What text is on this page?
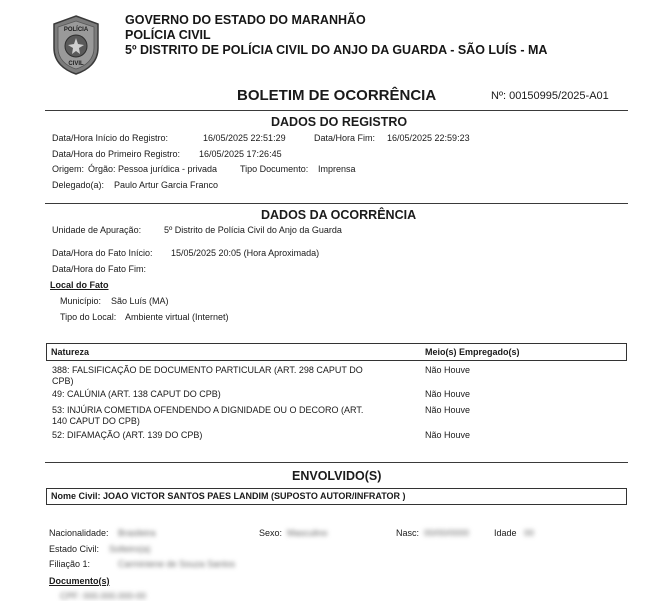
POLÍCIA
CIVIL
GOVERNO DO ESTADO DO MARANHÃO
POLÍCIA CIVIL
5º DISTRITO DE POLÍCIA CIVIL DO ANJO DA GUARDA - SÃO LUÍS - MA
BOLETIM DE OCORRÊNCIA	Nº: 00150995/2025-A01
DADOS DO REGISTRO
Data/Hora Início do Registro:	16/05/2025 22:51:29	Data/Hora Fim: 16/05/2025 22:59:23
Data/Hora do Primeiro Registro: 16/05/2025 17:26:45
Origem: Órgão: Pessoa jurídica - privada	Tipo Documento: Imprensa
Delegado(a): Paulo Artur Garcia Franco
DADOS DA OCORRÊNCIA
Unidade de Apuração:	5º Distrito de Polícia Civil do Anjo da Guarda
Data/Hora do Fato Início: 15/05/2025 20:05 (Hora Aproximada)
Data/Hora do Fato Fim:
Local do Fato
Município: São Luís (MA)
Tipo do Local: Ambiente virtual (Internet)
Natureza	Meio(s) Empregado(s)
388: FALSIFICAÇÃO DE DOCUMENTO PARTICULAR (ART. 298 CAPUT DO
CPB)
Não Houve
49: CALÚNIA (ART. 138 CAPUT DO CPB)	Não Houve
53: INJÚRIA COMETIDA OFENDENDO A DIGNIDADE OU O DECORO (ART.
140 CAPUT DO CPB)
Não Houve
52: DIFAMAÇÃO (ART. 139 DO CPB)	Não Houve
ENVOLVIDO(S)
Nome Civil: JOAO VICTOR SANTOS PAES LANDIM (SUPOSTO AUTOR/INFRATOR )
Nacionalidade: Brasileira	Sexo: Masculino	Nasc: 00/00/0000	Idade 00
Estado Civil: Solteiro(a)
Filiação 1:	Carminiene de Souza Santos
Documento(s)
CPF: 000.000.000-00
